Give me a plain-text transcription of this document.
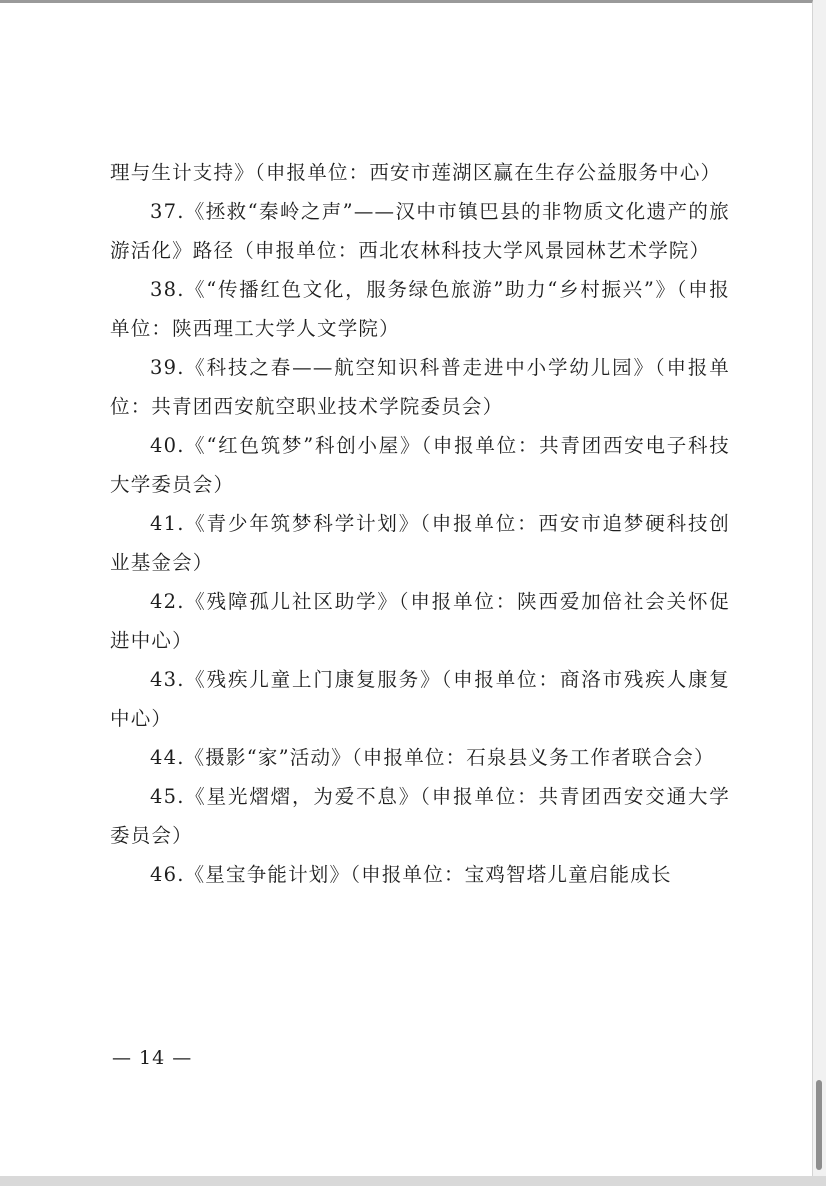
理与生计支持》（申报单位：西安市莲湖区赢在生存公益服务中心）

37.《拯救“秦岭之声”——汉中市镇巴县的非物质文化遗产的旅游活化》路径（申报单位：西北农林科技大学风景园林艺术学院）

38.《“传播红色文化，服务绿色旅游”助力“乡村振兴”》（申报单位：陕西理工大学人文学院）

39.《科技之春——航空知识科普走进中小学幼儿园》（申报单位：共青团西安航空职业技术学院委员会）

40.《“红色筑梦”科创小屋》（申报单位：共青团西安电子科技大学委员会）

41.《青少年筑梦科学计划》（申报单位：西安市追梦硬科技创业基金会）

42.《残障孤儿社区助学》（申报单位：陕西爱加倍社会关怀促进中心）

43.《残疾儿童上门康复服务》（申报单位：商洛市残疾人康复中心）

44.《摄影“家”活动》（申报单位：石泉县义务工作者联合会）

45.《星光熠熠，为爱不息》（申报单位：共青团西安交通大学委员会）

46.《星宝争能计划》（申报单位：宝鸡智塔儿童启能成长

— 14 —
